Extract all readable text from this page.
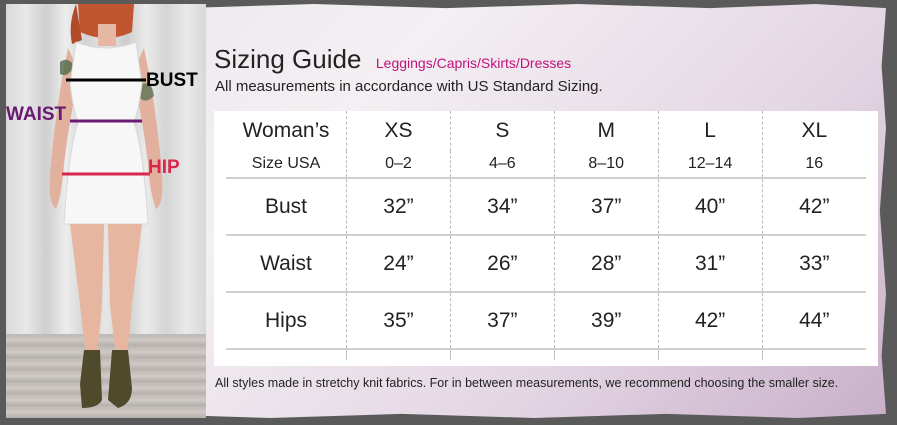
BUST
WAIST
HIP
Sizing Guide Leggings/Capris/Skirts/Dresses
All measurements in accordance with US Standard Sizing.
Woman’s	XS	S	M	L	XL
Size USA	0–2	4–6	8–10	12–14	16
Bust	32”	34”	37”	40”	42”
Waist	24”	26”	28”	31”	33”
Hips	35”	37”	39”	42”	44”

All styles made in stretchy knit fabrics. For in between measurements, we recommend choosing the smaller size.
